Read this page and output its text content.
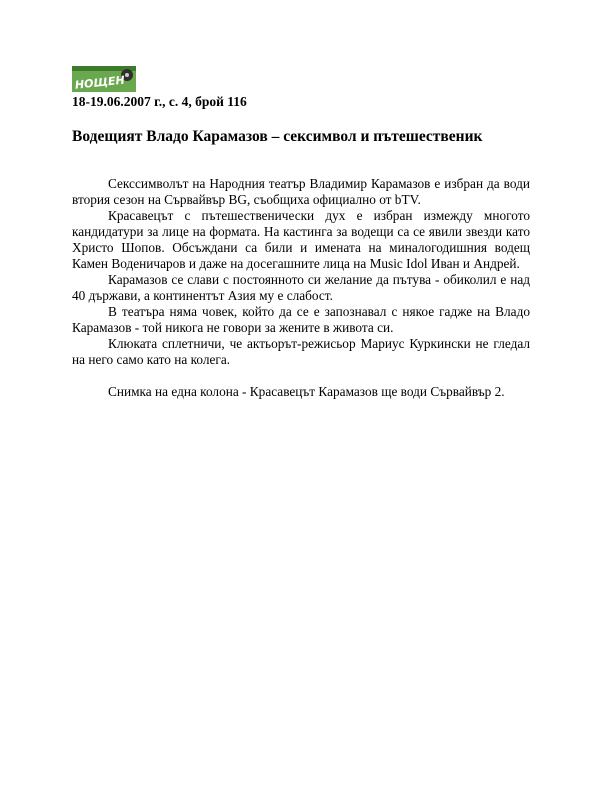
НОЩЕН
18-19.06.2007 г., с. 4, брой 116
Водещият Владо Карамазов – сексимвол и пътешественик

Секссимволът на Народния театър Владимир Карамазов е избран да води втория сезон на Сървайвър BG, съобщиха официално от bTV.

Красавецът с пътешественически дух е избран измежду многото кандидатури за лице на формата. На кастинга за водещи са се явили звезди като Христо Шопов. Обсъждани са били и имената на миналогодишния водещ Камен Воденичаров и даже на досегашните лица на Music Idol Иван и Андрей.

Карамазов се слави с постоянното си желание да пътува - обиколил е над 40 държави, а континентът Азия му е слабост.

В театъра няма човек, който да се е запознавал с някое гадже на Владо Карамазов - той никога не говори за жените в живота си.

Клюката сплетничи, че актьорът-режисьор Мариус Куркински не гледал на него само като на колега.

Снимка на една колона - Красавецът Карамазов ще води Сървайвър 2.
